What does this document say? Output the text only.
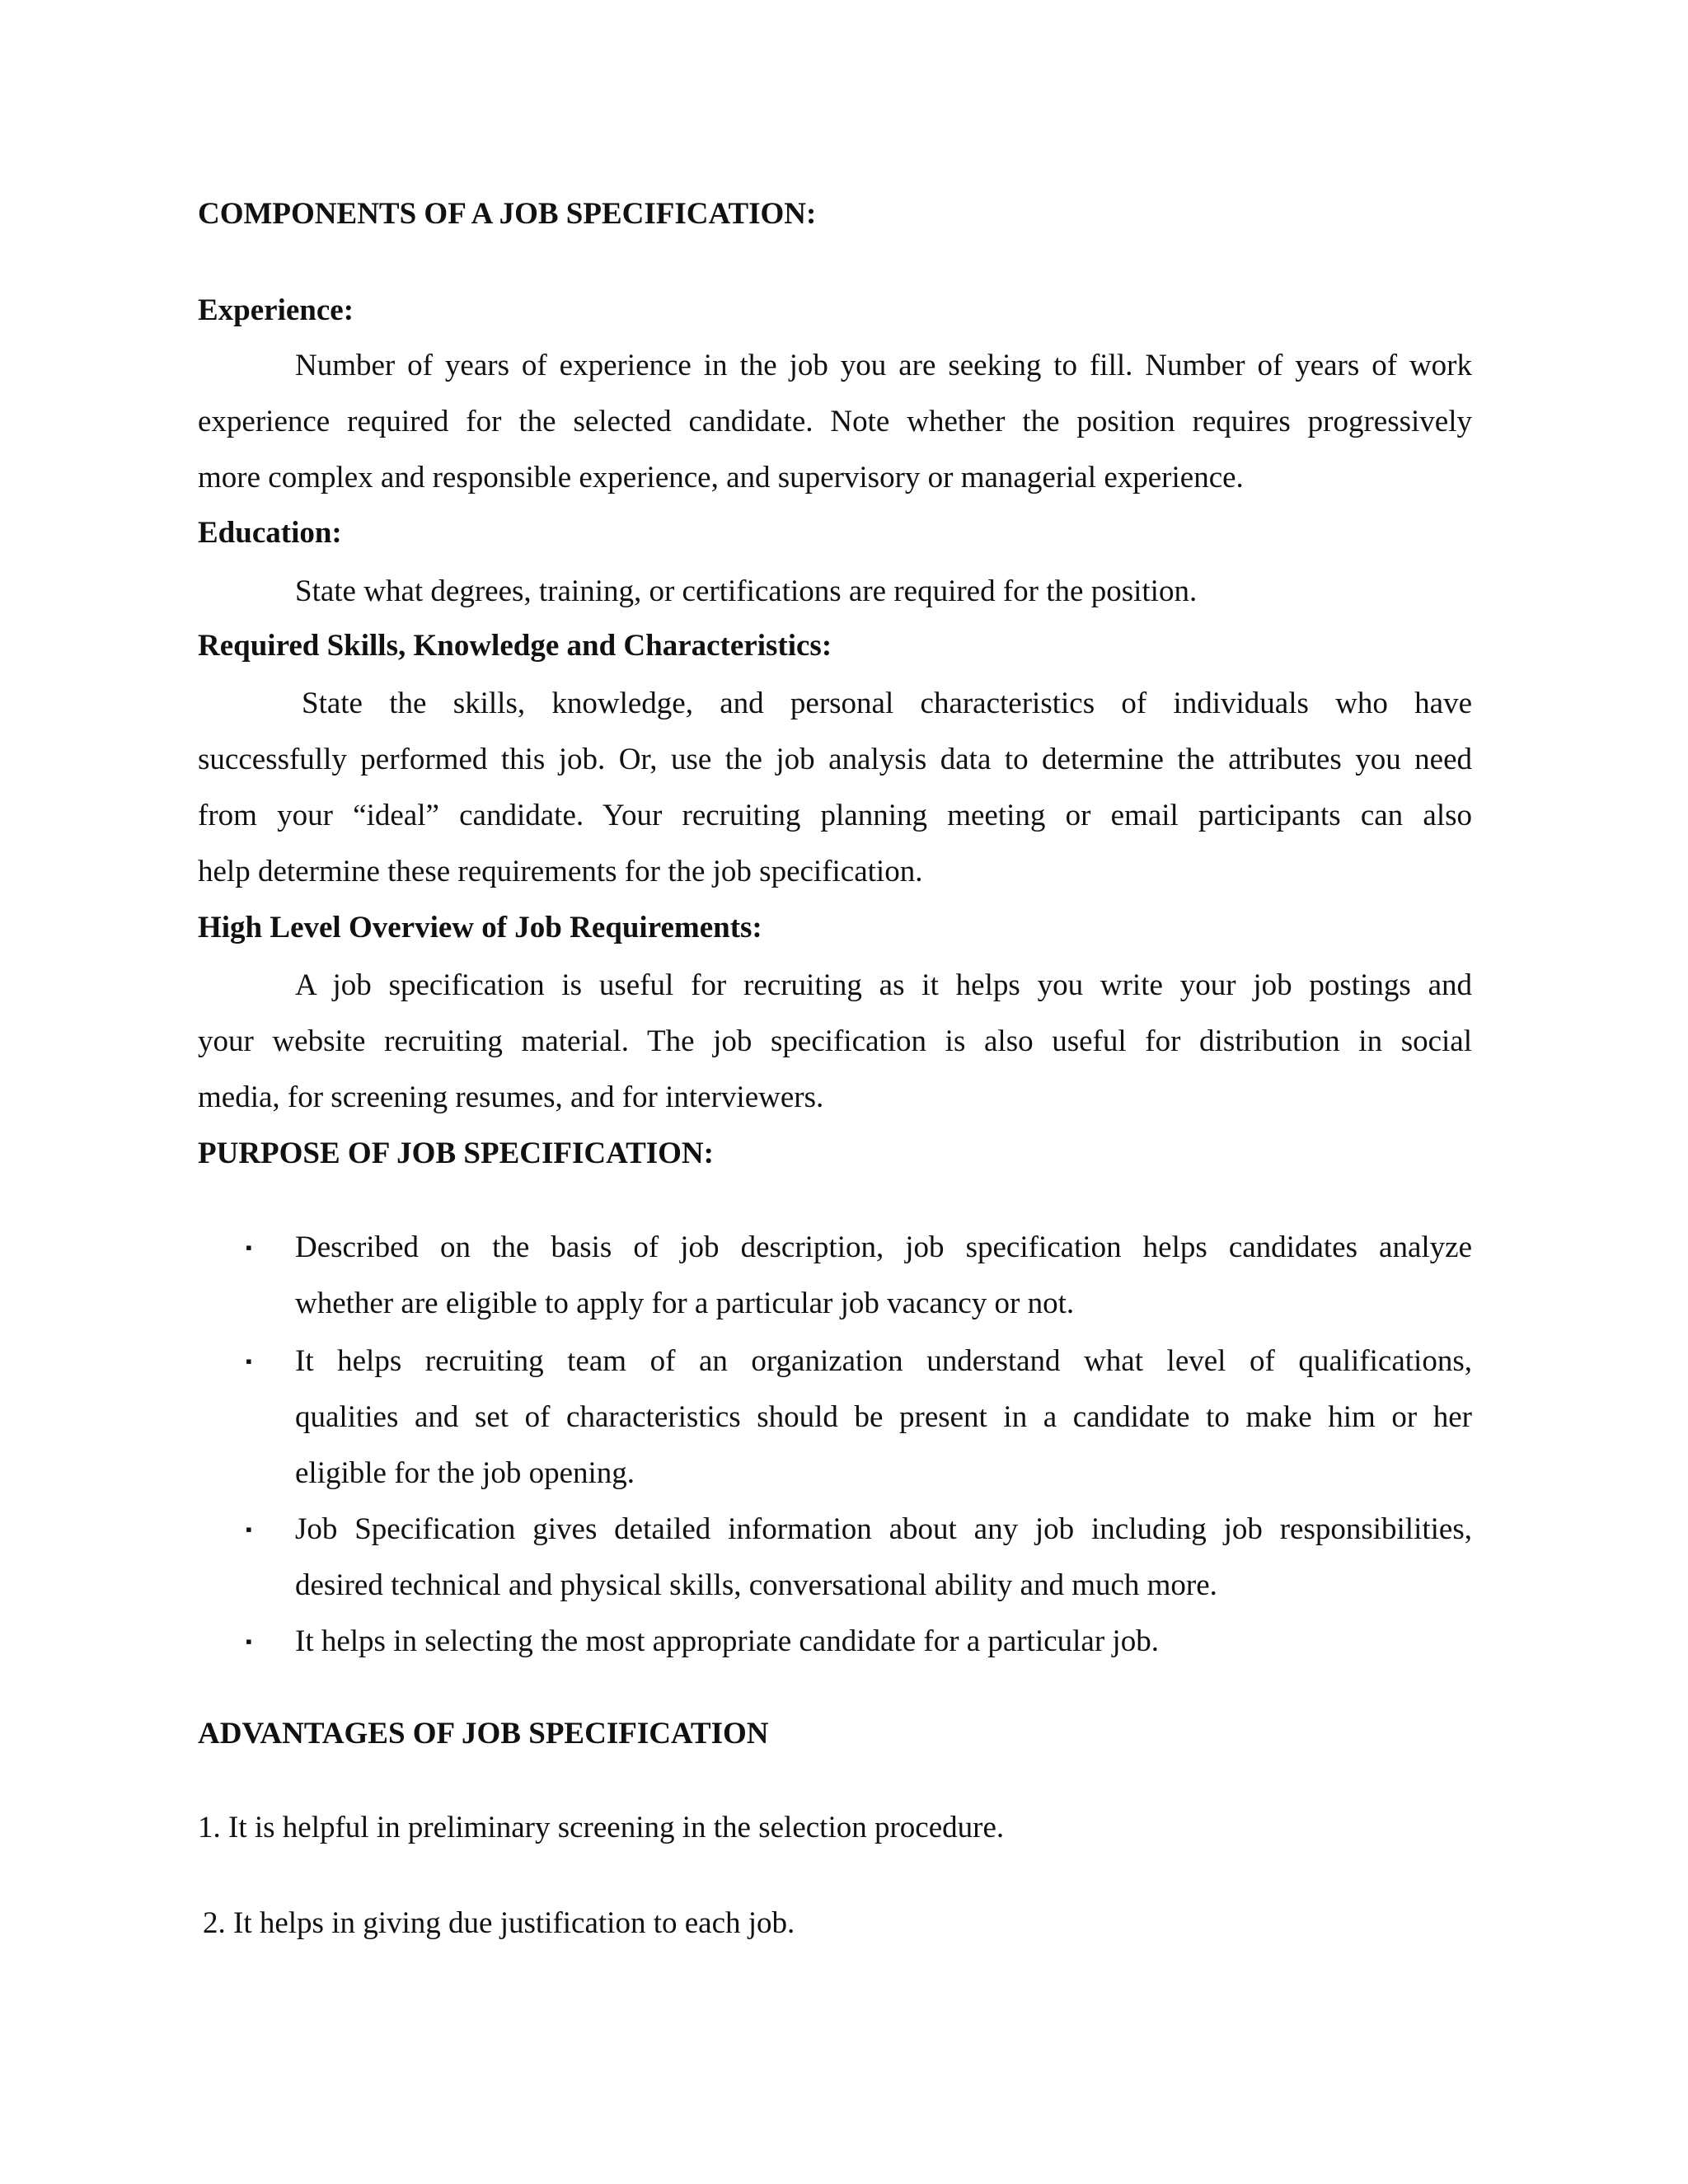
COMPONENTS OF A JOB SPECIFICATION:
Experience:
Number of years of experience in the job you are seeking to fill. Number of years of work
experience required for the selected candidate. Note whether the position requires progressively
more complex and responsible experience, and supervisory or managerial experience.
Education:
State what degrees, training, or certifications are required for the position.
Required Skills, Knowledge and Characteristics:
State the skills, knowledge, and personal characteristics of individuals who have
successfully performed this job. Or, use the job analysis data to determine the attributes you need
from your “ideal” candidate. Your recruiting planning meeting or email participants can also
help determine these requirements for the job specification.
High Level Overview of Job Requirements:
A job specification is useful for recruiting as it helps you write your job postings and
your website recruiting material. The job specification is also useful for distribution in social
media, for screening resumes, and for interviewers.
PURPOSE OF JOB SPECIFICATION:
▪ Described on the basis of job description, job specification helps candidates analyze
whether are eligible to apply for a particular job vacancy or not.
▪ It helps recruiting team of an organization understand what level of qualifications,
qualities and set of characteristics should be present in a candidate to make him or her
eligible for the job opening.
▪ Job Specification gives detailed information about any job including job responsibilities,
desired technical and physical skills, conversational ability and much more.
▪ It helps in selecting the most appropriate candidate for a particular job.
ADVANTAGES OF JOB SPECIFICATION
1. It is helpful in preliminary screening in the selection procedure.
2. It helps in giving due justification to each job.
